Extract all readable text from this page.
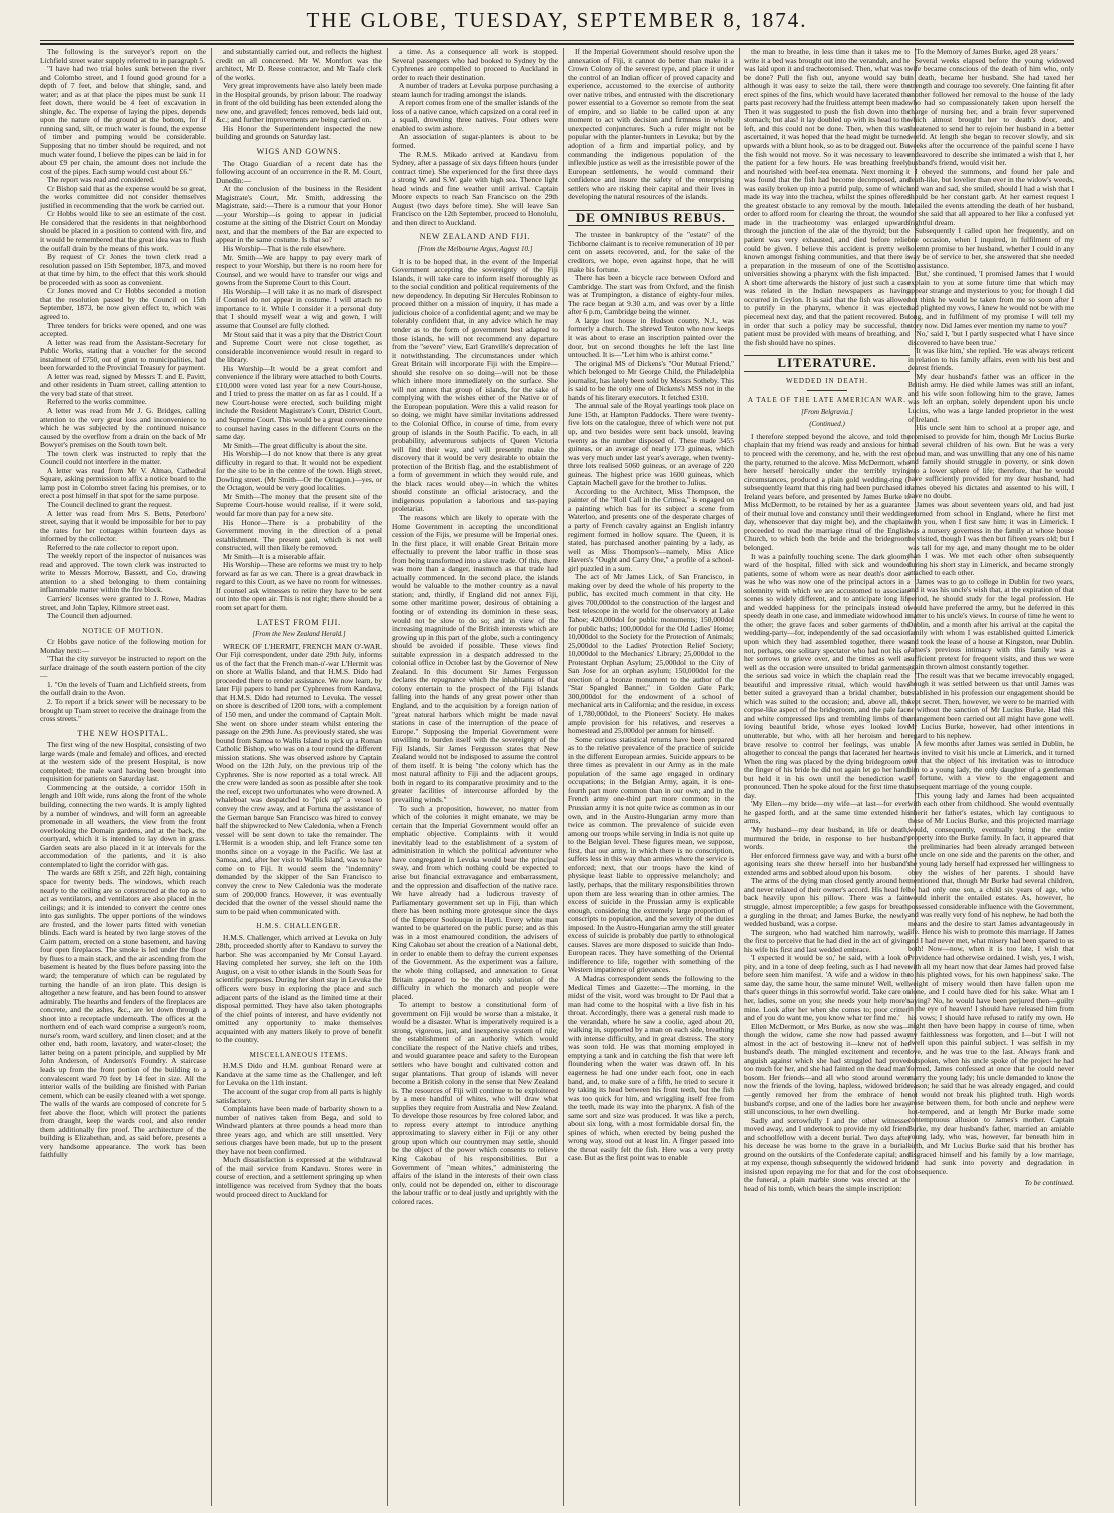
THE GLOBE, TUESDAY, SEPTEMBER 8, 1874.

The following is the surveyor's report on the Lichfield street water supply referred to in paragraph 5.

"I have had two trial holes sunk between the river and Colombo street, and I found good ground for a depth of 7 feet, and below that shingle, sand, and water; and as at that place the pipes must be sunk 11 feet down, there would be 4 feet of excavation in shingle, &c. The expense of laying the pipes, depends upon the nature of the ground at the bottom, for if running sand, silt, or much water is found, the expense of timber and pumping would be considerable. Supposing that no timber should be required, and not much water found, I believe the pipes can be laid in for about £9 per chain, the amount does not include the cost of the pipes. Each sump would cost about £6."

The report was read and considered.

Cr Bishop said that as the expense would be so great, the works committee did not consider themselves justified in recommending that the work be carried out.

Cr Hobbs would like to see an estimate of the cost. He considered that the residents in that neighborhood should be placed in a position to contend with fire, and it would be remembered that the great idea was to flush the outfall drain by the means of this work.

By request of Cr Jones the town clerk read a resolution passed on 15th September, 1873, and moved at that time by him, to the effect that this work should be proceeded with as soon as convenient.

Cr Jones moved and Cr Hobbs seconded a motion that the resolution passed by the Council on 15th September, 1873, be now given effect to, which was agreed to.

Three tenders for bricks were opened, and one was accepted.

A letter was read from the Assistant-Secretary for Public Works, stating that a voucher for the second instalment of £750, out of grant to municipalities, had been forwarded to the Provincial Treasury for payment.

A letter was read, signed by Messrs T. and E. Pavitt, and other residents in Tuam street, calling attention to the very bad state of that street.

Referred to the works committee.

A letter was read from Mr J. G. Bridges, calling attention to the very great loss and inconvenience to which he was subjected by the continued nuisance caused by the overflow from a drain on the back of Mr Bowyer's premises on the South town belt.

The town clerk was instructed to reply that the Council could not interfere in the matter.

A letter was read from Mr V. Almao, Cathedral Square, asking permission to affix a notice board to the lamp post in Colombo street facing his premises, or to erect a post himself in that spot for the same purpose.

The Council declined to grant the request.

A letter was read from Mrs S. Betts, Peterboro' street, saying that it would be impossible for her to pay the rates for her cottages within fourteen days as informed by the collector.

Referred to the rate collector to report upon.

The weekly report of the inspector of nuisances was read and approved. The town clerk was instructed to write to Messrs Morrow, Bassett, and Co, drawing attention to a shed belonging to them containing inflammable matter within the fire block.

Carriers' licenses were granted to J. Rowe, Madras street, and John Tapley, Kilmore street east.

The Council then adjourned.

NOTICE OF MOTION.

Cr Hobbs gave notice of the following motion for Monday next:—

"That the city surveyor be instructed to report on the surface drainage of the south eastern portion of the city—

1. "On the levels of Tuam and Lichfield streets, from the outfall drain to the Avon.

2. To report if a brick sewer will be necessary to be brought up Tuam street to receive the drainage from the cross streets."

THE NEW HOSPITAL.

The first wing of the new Hospital, consisting of two large wards (male and female) and offices, and erected at the western side of the present Hospital, is now completed; the male ward having been brought into requisition for patients on Saturday last.

Commencing at the outside, a corridor 150ft in length and 10ft wide, runs along the front of the whole building, connecting the two wards. It is amply lighted by a number of windows, and will form an agreeable promenade in all weathers, the view from the front overlooking the Domain gardens, and at the back, the courtyard, which it is intended to lay down in grass. Garden seats are also placed in it at intervals for the accommodation of the patients, and it is also contemplated to light the corridor with gas.

The wards are 68ft x 25ft, and 22ft high, containing space for twenty beds. The windows, which reach nearly to the ceiling are so constructed at the top as to act as ventilators, and ventilators are also placed in the ceilings; and it is intended to convert the centre ones into gas sunlights. The upper portions of the windows are frosted, and the lower parts fitted with venetian blinds. Each ward is heated by two large stoves of the Cairn pattern, erected on a stone basement, and having four open fireplaces. The smoke is led under the floor by flues to a main stack, and the air ascending from the basement is heated by the flues before passing into the ward; the temperature of which can be regulated by turning the handle of an iron plate. This design is altogether a new feature, and has been found to answer admirably. The hearths and fenders of the fireplaces are concrete, and the ashes, &c., are let down through a shoot into a receptacle underneath. The offices at the northern end of each ward comprise a surgeon's room, nurse's room, ward scullery, and linen closet; and at the other end, bath room, lavatory, and water-closet; the latter being on a patent principle, and supplied by Mr John Anderson, of Anderson's Foundry. A staircase leads up from the front portion of the building to a convalescent ward 70 feet by 14 feet in size. All the interior walls of the building are finished with Parian cement, which can be easily cleaned with a wet sponge. The walls of the wards are composed of concrete for 5 feet above the floor, which will protect the patients from draught, keep the wards cool, and also render them additionally fire proof. The architecture of the building is Elizabethan, and, as said before, presents a very handsome appearance. The work has been faithfully

and substantially carried out, and reflects the highest credit on all concerned. Mr W. Montfort was the architect, Mr D. Reese contractor, and Mr Taafe clerk of the works.

Very great improvements have also lately been made in the Hospital grounds, by prison labour. The roadway in front of the old building has been extended along the new one, and gravelled; fences removed, beds laid out, &c.; and further improvements are being carried on.

His Honor the Superintendent inspected the new building and grounds on Saturday last.

WIGS AND GOWNS.

The Otago Guardian of a recent date has the following account of an occurrence in the R. M. Court, Dunedin:—

At the conclusion of the business in the Resident Magistrate's Court, Mr. Smith, addressing the Magistrate, said:—There is a rumour that your Honor—your Worship—is going to appear in judicial costume at the sitting of the District Court on Monday next, and that the members of the Bar are expected to appear in the same costume. Is that so?

His Worship—That is the rule elsewhere.

Mr. Smith—We are happy to pay every mark of respect to your Worship, but there is no room here for Counsel, and we would have to transfer our wigs and gowns from the Supreme Court to this Court.

His Worship—I will take it as no mark of disrespect if Counsel do not appear in costume. I will attach no importance to it. While I consider it a personal duty that I should myself wear a wig and gown, I will assume that Counsel are fully clothed.

Mr Stout said that it was a pity that the District Court and Supreme Court were not close together, as considerable inconvenience would result in regard to the library.

His Worship—It would be a great comfort and convenience if the library were attached to both Courts. £10,000 were voted last year for a new Court-house, and I tried to press the matter on as far as I could. If a new Court-house were erected, such building might include the Resident Magistrate's Court, District Court, and Supreme Court. This would be a great convenience to counsel having cases in the different Courts on the same day.

Mr Smith—The great difficulty is about the site.

His Worship—I do not know that there is any great difficulty in regard to that. It would not be expedient for the site to be in the centre of the town. High street, Dowling street. (Mr Smith—Or the Octagon.)—yes, or the Octagon, would be very good localities.

Mr Smith—The money that the present site of the Supreme Court-house would realise, if it were sold, would far more than pay for a new site.

His Honor—There is a probability of the Government moving in the direction of a penal establishment. The present gaol, which is not well constructed, will then likely be removed.

Mr Smith—It is a miserable affair.

His Worship—These are reforms we must try to help forward as far as we can. There is a great drawback in regard to this Court, as we have no room for witnesses. If counsel ask witnesses to retire they have to be sent out into the open air. This is not right; there should be a room set apart for them.

LATEST FROM FIJI.
[From the New Zealand Herald.]

WRECK OF L'HERMIT, FRENCH MAN O'-WAR. Our Fiji correspondent, under date 29th July, informs us of the fact that the French man-o'-war L'Hermit was on shore at Wallis Island, and that H.M.S. Dido had proceeded there to render assistance. We now learn, by later Fiji papers to hand per Cyphrenes from Kandava, that H.M.S. Dido had returned to Levuka. The vessel on shore is described of 1200 tons, with a complement of 150 men, and under the command of Captain Molt. She went on shore under steam whilst entering the passage on the 29th June. As previously stated, she was bound from Samoa to Wallis Island to pick up a Roman Catholic Bishop, who was on a tour round the different mission stations. She was observed ashore by Captain Wood on the 12th July, on the previous trip of the Cyphrenes. She is now reported as a total wreck. All the crew were landed as soon as possible after she took the reef, except two unfortunates who were drowned. A whaleboat was despatched to "pick up" a vessel to convey the crew away, and at Fortuna the assistance of the German barque San Francisco was hired to convey half the shipwrecked to New Caledonia, when a French vessel will be sent down to take the remainder. The L'Hermit is a wooden ship, and left France some ten months since on a voyage in the Pacific. We last at Samoa, and, after her visit to Wallis Island, was to have come on to Fiji. It would seem the "indemnity" demanded by the skipper of the San Francisco to convey the crew to New Caledonia was the moderate sum of 200,000 francs. However, it was eventually decided that the owner of the vessel should name the sum to be paid when communicated with.

H.M.S. CHALLENGER.

H.M.S. Challenger, which arrived at Levuka on July 28th, proceeded shortly after to Kandavu to survey the harbor. She was accompanied by Mr Consul Layard. Having completed her survey, she left on the 10th August, on a visit to other islands in the South Seas for scientific purposes. During her short stay in Levuka the officers were busy in exploring the place and such adjacent parts of the island as the limited time at their disposal permitted. They have also taken photographs of the chief points of interest, and have evidently not omitted any opportunity to make themselves acquainted with any matters likely to prove of benefit to the country.

MISCELLANEOUS ITEMS.

H.M.S Dido and H.M. gunboat Renard were at Kandavu at the same time as the Challenger, and left for Levuka on the 11th instant.

The account of the sugar crop from all parts is highly satisfactory.

Complaints have been made of barbarity shown to a number of natives taken from Bega, and sold to Windward planters at three pounds a head more than three years ago, and which are still unsettled. Very serious charges have been made, but up to the present they have not been confirmed.

Much dissatisfaction is expressed at the withdrawal of the mail service from Kandavu. Stores were in course of erection, and a settlement springing up when intelligence was received from Sydney that the boats would proceed direct to Auckland for

a time. As a consequence all work is stopped. Several passengers who had booked to Sydney by the Cyphrenes are compelled to proceed to Auckland in order to reach their destination.

A number of traders at Levuka purpose purchasing a steam launch for trading amongst the islands.

A report comes from one of the smaller islands of the loss of a native canoe, which capsized on a coral reef in a squall, drowning three natives. Four others were enabled to swim ashore.

An association of sugar-planters is about to be formed.

The R.M.S. Mikado arrived at Kandavu from Sydney, after a passage of six days fifteen hours (under contract time). She experienced for the first three days a strong W. and S.W. gale with high sea. Thence light head winds and fine weather until arrival. Captain Moore expects to reach San Francisco on the 29th August (two days before time). She will leave San Francisco on the 12th September, proceed to Honolulu, and then direct to Auckland.

NEW ZEALAND AND FIJI.
[From the Melbourne Argus, August 10.]

It is to be hoped that, in the event of the Imperial Government accepting the sovereignty of the Fiji Islands, it will take care to inform itself thoroughly as to the social condition and political requirements of the new dependency. In deputing Sir Hercules Robinson to proceed thither on a mission of inquiry, it has made a judicious choice of a confidential agent; and we may be tolerably confident that, in any advice which he may tender as to the form of government best adapted to those islands, he will not recommend any departure from the "severe" view, Earl Granville's deprecation of it notwithstanding. The circumstances under which Great Britain will incorporate Fiji with the Empire—should she resolve on so doing—will not be those which inhere more immediately on the surface. She will not annex that group of islands, for the sake of complying with the wishes either of the Native or of the European population. Were this a valid reason for so doing, we might have similar invitations addressed to the Colonial Office, in course of time, from every group of islands in the South Pacific. To each, in all probability, adventurous subjects of Queen Victoria will find their way, and will presently make the discovery that it would be very desirable to obtain the protection of the British flag, and the establishment of a form of government in which they would rule, and the black races would obey—in which the whites should constitute an official aristocracy, and the indigenous population a laborious and tax-paying proletariat.

The reasons which are likely to operate with the Home Government in accepting the unconditional cession of the Fijis, we presume will be Imperial ones. In the first place, it will enable Great Britain more effectually to prevent the labor traffic in those seas from being transformed into a slave trade. Of this, there was more than a danger, inasmuch as that trade had actually commenced. In the second place, the islands would be valuable to the mother country as a naval station; and, thirdly, if England did not annex Fiji, some other maritime power, desirous of obtaining a footing or of extending its dominion in these seas, would not be slow to do so; and in view of the increasing magnitude of the British interests which are growing up in this part of the globe, such a contingency should be avoided if possible. These views find suitable expression in a despatch addressed to the colonial office in October last by the Governor of New Zealand. In this document Sir James Fergusson declares the repugnance which the inhabitants of that colony entertain to the prospect of the Fiji Islands falling into the hands of any great power other than England, and to the acquisition by a foreign nation of "great natural harbors which might be made naval stations in case of the interruption of the peace of Europe." Supposing the Imperial Government were unwilling to burden itself with the sovereignty of the Fiji Islands, Sir James Fergusson states that New Zealand would not be indisposed to assume the control of them itself. It is being "the colony which has the most natural affinity to Fiji and the adjacent groups, both in regard to its comparative proximity and to the greater facilities of intercourse afforded by the prevailing winds."

To such a proposition, however, no matter from which of the colonies it might emanate, we may be certain that the Imperial Government would offer an emphatic objective. Complaints with it would inevitably lead to the establishment of a system of administration in which the political adventurer who have congregated in Levuka would bear the principal sway, and from which nothing could be expected to arise but financial extravagance and embarrassment, and the oppression and disaffection of the native race. We have already had a ludicrous travesty of Parliamentary government set up in Fiji, than which there has been nothing more grotesque since the days of the Emperor Soulouque in Hayti. Every white man wanted to be quartered on the public purse; and as this was in a most enamoured condition, the advisers of King Cakobau set about the creation of a National debt, in order to enable them to defray the current expenses of the Government. As the experiment was a failure, the whole thing collapsed, and annexation to Great Britain appeared to be the only solution of the difficulty in which the monarch and people were placed.

To attempt to bestow a constitutional form of government on Fiji would be worse than a mistake, it would be a disaster. What is imperatively required is a strong, vigorous, just, and inexpensive system of rule; the establishment of an authority which would conciliate the respect of the Native chiefs and tribes, and would guarantee peace and safety to the European settlers who have bought and cultivated cotton and sugar plantations. That group of islands will never become a British colony in the sense that New Zealand is. The resources of Fiji will continue to be exploitered by a mere handful of whites, who will draw what supplies they require from Australia and New Zealand. To develope those resources by free colored labor, and to repress every attempt to introduce anything approximating to slavery either in Fiji or any other group upon which our countrymen may settle, should be the object of the power which consents to relieve King Cakobau of his responsibilities. But a Government of "mean whites," administering the affairs of the island in the interests of their own class only, could not be depended on, either to discourage the labour traffic or to deal justly and uprightly with the colored races.

If the Imperial Government should resolve upon the annexation of Fiji, it cannot do better than make it a Crown Colony of the severest type, and place it under the control of an Indian officer of proved capacity and experience, accustomed to the exercise of authority over native tribes, and entrusted with the discretionary power essential to a Governor so remote from the seat of empire, and so liable to be called upon at any moment to act with decision and firmness in wholly unexpected conjunctures. Such a ruler might not be popular with the planter-hunters in Levuka; but by the adoption of a firm and impartial policy, and by commanding the indigenous population of the inflexible justice as well as the irresistible power of the European settlements, he would command their confidence and insure the safety of the enterprising settlers who are risking their capital and their lives in developing the natural resources of the islands.

DE OMNIBUS REBUS.

The trustee in bankruptcy of the "estate" of the Tichborne claimant is to receive remuneration of 10 per cent on assets recovered, and, for the sake of the creditors, we hope, even against hope, that he will make his fortune.

There has been a bicycle race between Oxford and Cambridge. The start was from Oxford, and the finish was at Trumpington, a distance of eighty-four miles. The race began at 9.30 a.m, and was over by a little after 6 p.m, Cambridge being the winner.

A large lost house in Hudson county, N.J., was formerly a church. The shrewd Teuton who now keeps it was about to erase an inscription painted over the door, but on second thoughts he left the last line untouched. It is—"Let him who is athirst come."

The original MS of Dickens's "Our Mutual Friend," which belonged to Mr George Child, the Philadelphia journalist, has lately been sold by Messrs Sotheby. This is said to be the only one of Dickens's MSS not in the hands of his literary executors. It fetched £310.

The annual sale of the Royal yearlings took place on June 15th, at Hampton Paddocks. There were twenty-five lots on the catalogue, three of which were not put up, and two besides were sent back unsold, leaving twenty as the number disposed of. These made 3455 guineas, or an average of nearly 173 guineas, which was very much under last year's average, when twenty-three lots realised 5060 guineas, or an average of 220 guineas. The highest price was 1600 guineas, which Captain Machell gave for the brother to Julius.

According to the Architect, Miss Thompson, the painter of the "Roll Call in the Crimea," is engaged on a painting which has for its subject a scene from Waterloo, and presents one of the desperate charges of a party of French cavalry against an English infantry regiment formed in hollow square. The Queen, it is stated, has purchased another painting by a lady, as well as Miss Thompson's—namely, Miss Alice Havers's "Ought and Carry One," a profile of a school-girl puzzled in a sum.

The act of Mr James Lick, of San Francisco, in making over by deed the whole of his property to the public, has excited much comment in that city. He gives 700,000dol to the construction of the largest and best telescope in the world for the observatory at Lake Tahoe; 420,000dol for public monuments; 150,000dol for public baths; 100,000dol for the Old Ladies' Home; 10,000dol to the Society for the Protection of Animals; 25,000dol to the Ladies' Protection Relief Society; 10,000dol to the Mechanics' Library; 25,000dol to the Protestant Orphan Asylum; 25,000dol to the City of San Jose for an orphan asylum; 150,000dol for the erection of a bronze monument to the author of the "Star Spangled Banner," in Golden Gate Park; 300,000dol for the endowment of a school of mechanical arts in California; and the residue, in excess of 1,780,000dol, to the Pioneers' Society. He makes ample provision for his relatives, and reserves a homestead and 25,000dol per annum for himself.

Some curious statistical returns have been prepared as to the relative prevalence of the practice of suicide in the different European armies. Suicide appears to be three times as prevalent in our Army as in the male population of the same age engaged in ordinary occupations; in the Belgian Army, again, it is one-fourth part more common than in our own; and in the French army one-third part more common; in the Prussian army it is not quite twice as common as in our own, and in the Austro-Hungarian army more than twice as common. The prevalence of suicide even among our troops while serving in India is not quite up to the Belgian level. These figures mean, we suppose, first, that our army, in which there is no conscription, suffers less in this way than armies where the service is enforced; next, that our troops have the kind of physique least liable to oppressive melancholy; and lastly, perhaps, that the military responsibilities thrown upon them are less wearing than in other armies. The excess of suicide in the Prussian army is explicable enough, considering the extremely large proportion of conscripts to population, and the severity of the duties imposed. In the Austro-Hungarian army the still greater excess of suicide is probably due partly to ethnological causes. Slaves are more disposed to suicide than Indo-European races. They have something of the Oriental indifference to life, together with something of the Western impatience of grievances.

A Madras correspondent sends the following to the Medical Times and Gazette:—The morning, in the midst of the visit, word was brought to Dr Paul that a man had come to the hospital with a live fish in his throat. Accordingly, there was a general rush made to the verandah, where he saw a coolie, aged about 20, walking in, supported by a man on each side, breathing with intense difficulty, and in great distress. The story was soon told. He was that morning employed in emptying a tank and in catching the fish that were left floundering when the water was drawn off. In his eagerness he had one under each foot, one in each hand, and, to make sure of a fifth, he tried to secure it by taking its head between his front teeth, but the fish was too quick for him, and wriggling itself free from the teeth, made its way into the pharynx. A fish of the same sort and size was produced. It was like a perch, about six long, with a most formidable dorsal fin, the spines of which, when erected by being pushed the wrong way, stood out at least lin. A finger passed into the throat easily felt the fish. Here was a very pretty case. But as the first point was to enable

the man to breathe, in less time than it takes me to write it a bed was brought out into the verandah, and he was laid upon it and tracheotomised. Then, what was to be done? Pull the fish out, anyone would say but although it was easy to seize the tail, there were the erect spines of the fins, which would have lacerated the parts past recovery had the fruitless attempt been made. Then it was suggested to push the fish down into the stomach; but alas! it lay doubled up with its head to the left, and this could not be done. Then, when this was ascertained, it was hoped that the head might be turned upwards with a blunt hook, so as to be dragged out. But the fish would not move. So it was necessary to leave the patient for a few hours. He was breathing freely, and nourished with beef-tea enemata. Next morning it was found that the fish had become decomposed, and was easily broken up into a putrid pulp, some of which made its way into the trachea, whilst the spines offered the greatest obstacle to any removal by the mouth. In order to afford room for clearing the throat, the wound made in the tracheotomy was enlarged upwards through the junction of the alæ of the thyroid; but the patient was very exhausted, and died before relief could be given. I believe this accident is pretty well known amongst fishing communities, and that there is a preparation in the museum of one of the Scottish universities showing a pharynx with the fish impacted. A short time afterwards the history of just such a case was related in the Indian newspapers as having occurred in Ceylon. It is said that the fish was allowed to putrify in the pharynx, whence it was ejected piecemeal next day, and that the patient recovered. But in order that such a policy may be successful, the patient must be provided with means of breathing, and the fish should have no spines.

LITERATURE.
WEDDED IN DEATH.
A TALE OF THE LATE AMERICAN WAR.
[From Belgravia.]
(Continued.)

I therefore stepped beyond the alcove, and told the chaplain that my friend was ready and anxious for him to proceed with the ceremony, and he, with the rest of the party, returned to the alcove. Miss McDermott, who here herself heroically under the terribly trying circumstances, produced a plain gold wedding-ring (I subsequently learnt that this ring had been purchased in Ireland years before, and presented by James Burke to Miss McDermott, to be retained by her as a guarantee of their mutual love and constancy until their wedding-day, whensoever that day might be), and the chaplain proceeded to read the marriage ritual of the English Church, to which both the bride and the bridegroom belonged.

It was a painfully touching scene. The dark gloomy ward of the hospital, filled with sick and wounded patients, some of whom were as near death's door as was he who was now one of the principal actors in a solemnity with which we are accustomed to associate scenes so widely different, and to anticipate long life and wedded happiness for the principals instead of speedy death in one case, and immediate widowhood in the other; the grave faces and sober garments of the wedding-party—for, independently of the sad occasion upon which they had assembled together, there was not, perhaps, one solitary spectator who had not his or her sorrows to grieve over, and the times as well as well as the occasion were unsuited to bridal garments; the serious sad voice in which the chaplain read the beautiful and impressive ritual, which would have better suited a graveyard than a bridal chamber, but which was suited to the occasion; and, above all, the corpse-like aspect of the bridegroom, and the pale face and white compressed lips and trembling limbs of the loving beautiful bride, whose eyes looked love unutterable, but who, with all her heroism and her brave resolve to control her feelings, was unable altogether to conceal the pangs that lacerated her heart. When the ring was placed by the dying bridegroom on the finger of his bride he did not again let go her hand, but held it in his own until the benediction was pronounced. Then he spoke aloud for the first time that day.

'My Ellen—my bride—my wife—at last—for ever! he gasped forth, and at the same time extended his arms,

'My husband—my dear husband, in life or death,' murmured the bride, in response to her husband's words.

Her enforced firmness gave way, and with a burst of agonising tears she threw herself into her husband's extended arms and sobbed aloud upon his bosom.

The arms of the dying man closed gently around her, and never relaxed of their owner's accord. His head fell back heavily upon his pillow. There was a faint struggle, almost imperceptible; a few gasps for breath; a gurgling in the throat; and James Burke, the newly-wedded husband, was a corpse.

The surgeon, who had watched him narrowly, was the first to perceive that he had died in the act of giving his wife his first and last wedded embrace.

'I expected it would be so,' he said, with a look of pity, and in a tone of deep feeling, such as I had never before seen him manifest. 'A wife and a widow in the same day, the same hour, the same minute! Well, well, that's queer things in this sorrowful world. Take care on her, ladies, some on you; she needs your help more'n mine. Look after her when she comes to; poor critter; and ef you do want me, you know whar ter find me.'

Ellen McDermott, or Mrs Burke, as now she was—though the widow, came she now had passed away almost in the act of bestowing it—knew not of her husband's death. The mingled excitement and recent anguish against which she had struggled had proved too much for her, and she had fainted on the dead man's bosom. Her friends—and all who stood around were now the friends of the loving, hapless, widowed bride—gently removed her from the embrace of her husband's corpse, and one of the ladies bore her away, still unconscious, to her own dwelling.

Sadly and sorrowfully I and the other witnesses moved away, and I undertook to provide my old friend and schoolfellow with a decent burial. Two days after his decease he was borne to the grave in a burial-ground on the outskirts of the Confederate capital; and at my expense, though subsequently the widowed bride insisted upon repaying me for that and for the cost of the funeral, a plain marble stone was erected at the head of his tomb, which bears the simple inscription:

'To the Memory of James Burke, aged 28 years.'

Several weeks elapsed before the young widowed wife became conscious of the death of him who, only in death, became her husband. She had taxed her strength and courage too severely. One fainting fit after another followed her removal to the house of the lady who had so compassionately taken upon herself the charge of nursing her, and a brain fever supervened which almost brought her to death's door, and threatened to send her to rejoin her husband in a better world. At length she began to recover slowly, and six weeks after the occurrence of the painful scene I have endeavored to describe she intimated a wish that I, her husband's friend, would visit her.

I obeyed the summons, and found her pale and death-like, but lovelier than ever in the widow's weeds, and wan and sad, she smiled, should I had a wish that I should be her constant garb. At her earnest request I detailed the events attending the death of her husband, for she said that all appeared to her like a confused yet frightful dream.

Subsequently I called upon her frequently, and on one occasion, when I inquired, in fulfilment of my solemn promise to her husband, whether I could in any way be of service to her, she answered that she needed no assistance.

'But,' she continued, 'I promised James that I would explain to you at some future time that which may appear strange and mysterious to you; for though I did not think he would be taken from me so soon after I had plighted my vows, I knew he would not be with me long, and in fulfilment of my promise I will tell my story now. Did James ever mention my name to you?'

'No,' said I, 'but I partly suspected what I have since discovered to have been true.'

'It was like him,' she replied. 'He was always reticent in relation to his family affairs, even with his best and dearest friends.

'My dear husband's father was an officer in the British army. He died while James was still an infant, and his wife soon following him to the grave, James was left an orphan, solely dependent upon his uncle Lucius, who was a large landed proprietor in the west of Ireland.

'His uncle sent him to school at a proper age, and promised to provide for him, though Mr Lucius Burke had several children of his own. But he was a very proud man, and was unwilling that any one of his name and family should struggle in poverty, or sink down into a lower sphere of life; therefore, that he would have sufficiently provided for my dear husband, had James obeyed his dictates and assented to his will, I have no doubt.

'James was about seventeen years old, and had just returned from school in England, where he first met with you, when I first saw him; it was in Limerick. I was a nursery governess in the family at whose house he visited, though I was then but fifteen years old; but I was tall for my age, and many thought me to be older than I was. We met each other often subsequently during his short stay in Limerick, and became strongly attached to each other.

'James was to go to college in Dublin for two years, and it was his uncle's wish that, at the expiration of that period, he should study for the legal profession. He would have preferred the army, but he deferred in this matter to his uncle's views. In course of time he went to Dublin, and a month after his arrival at the capital the family with whom I was established quitted Limerick and took the lease of a house at Kingston, near Dublin. James's previous intimacy with this family was a sufficient pretext for frequent visits, and thus we were again thrown almost constantly together.

'The result was that we became irrevocably engaged, though it was settled between us that until James was established in his profession our engagement should be kept secret. Then, however, we were to be married with or without the sanction of Mr Lucius Burke. Had this arrangement been carried out all might have gone well. Mr Lucius Burke, however, had other intentions in regard to his nephew.

'A few months after James was settled in Dublin, he was invited to visit his uncle at Limerick, and it turned out that the object of his invitation was to introduce him to a young lady, the only daughter of a gentleman of fortune, with a view to the engagement and subsequent marriage of the young couple.

'This young lady and James had been acquainted with each other from childhood. She would eventually inherit her father's estates, which lay contiguous to those of Mr Lucius Burke, and this projected marriage would, consequently, eventually bring the entire property into the Burke family. In fact, it appeared that the preliminaries had been already arranged between the uncle on one side and the parents on the other, and the young lady herself had expressed her willingness to obey the wishes of her parents. I should have mentioned that, though Mr Burke had several children, he had only one son, a child six years of age, who would inherit the entailed estates. As, however, he possessed considerable influence with the Government, and was really very fond of his nephew, he had both the means and the desire to start James advantageously in life. Hence his wish to promote this marriage. If James and I had never met, what misery had been spared to us both! Now—now, when it is too late, I wish that Providence had otherwise ordained. I wish, yes, I wish, with all my heart now that dear James had proved false to his plighted vows, for his own happiness' sake. The weight of misery would then have fallen upon me alone, and I could have died for his sake. What am I saying? No, he would have been perjured then—guilty in the eye of heaven! I should have released him from his vows; I should have refused to ratify my own. He might then have been happy in course of time, when my faithlessness was forgotten, and I—but I will not dwell upon this painful subject. I was selfish in my love, and he was true to the last. Always frank and outspoken, when his uncle spoke of the project he had formed, James confessed at once that he could never marry the young lady; his uncle demanded to know the reason; he said that he was already engaged, and could not would not break his plighted truth. High words arose between them, for both uncle and nephew were hot-tempered, and at length Mr Burke made some contemptuous allusion to James's mother. Captain Burke, my dear husband's father, married an amiable young lady, who was, however, far beneath him in birth, and Mr Lucius Burke said that his brother has disgraced himself and his family by a low marriage, and had sunk into poverty and degradation in consequence.

To be continued.
